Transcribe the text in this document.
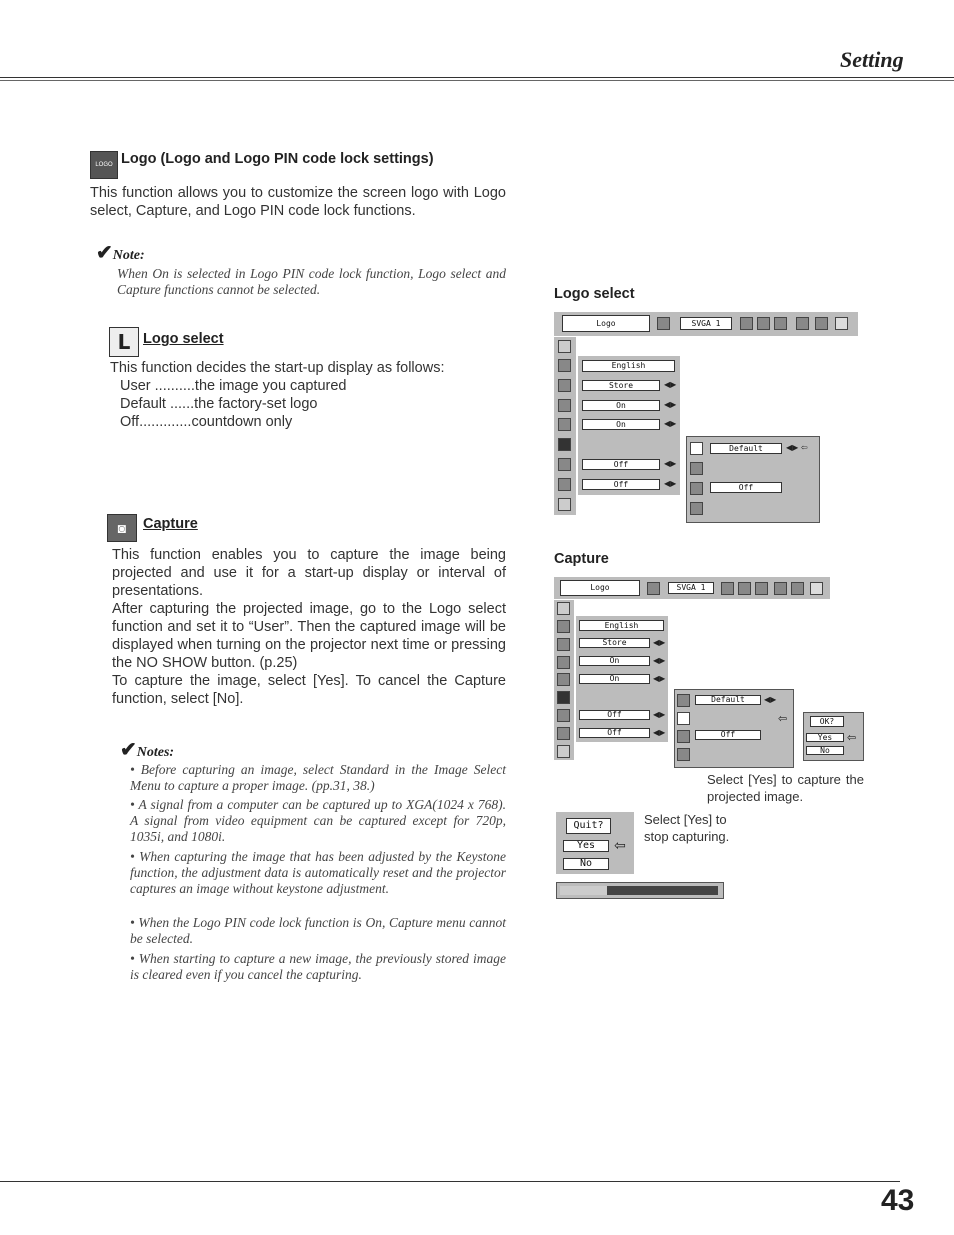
Setting
LOGO Logo (Logo and Logo PIN code lock settings)
This function allows you to customize the screen logo with Logo select, Capture, and Logo PIN code lock functions.
✔Note:
When On is selected in Logo PIN code lock function, Logo select and Capture functions cannot be selected.
L Logo select
This function decides the start-up display as follows:
User ..........the image you captured
Default ......the factory-set logo
Off.............countdown only
◙ Capture
This function enables you to capture the image being projected and use it for a start-up display or interval of presentations.
After capturing the projected image, go to the Logo select function and set it to “User”. Then the captured image will be displayed when turning on the projector next time or pressing the NO SHOW button. (p.25)
To capture the image, select [Yes]. To cancel the Capture function, select [No].
✔Notes:
• Before capturing an image, select Standard in the Image Select Menu to capture a proper image. (pp.31, 38.)
• A signal from a computer can be captured up to XGA(1024 x 768). A signal from video equipment can be captured except for 720p, 1035i, and 1080i.
• When capturing the image that has been adjusted by the Keystone function, the adjustment data is automatically reset and the projector captures an image without keystone adjustment.
• When the Logo PIN code lock function is On, Capture menu cannot be selected.
• When starting to capture a new image, the previously stored image is cleared even if you cancel the capturing.
Logo select
Logo	SVGA 1
English
Store	◀▶
On	◀▶
On	◀▶
Off	◀▶
Off	◀▶
Default	◀▶ ⇦
Off
Capture
Logo	SVGA 1
English
Store	◀▶
On	◀▶
On	◀▶
Off	◀▶
Off	◀▶
Default	◀▶
⇦
Off
OK?
Yes	⇦
No
Select [Yes] to capture the projected image.
Quit?
Yes	⇦
No
Select [Yes] to stop capturing.
43
